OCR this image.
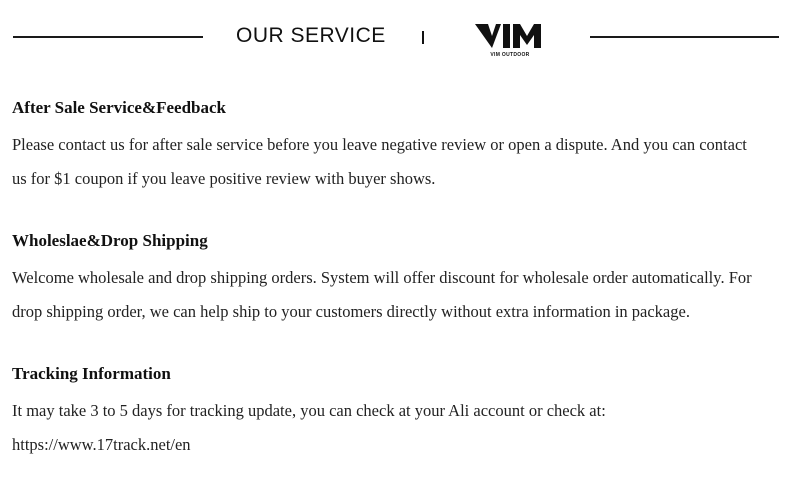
OUR SERVICE
VIM OUTDOOR
After Sale Service&Feedback

Please contact us for after sale service before you leave negative review or open a dispute. And you can contact us for $1 coupon if you leave positive review with buyer shows.

Wholeslae&Drop Shipping

Welcome wholesale and drop shipping orders. System will offer discount for wholesale order automatically. For drop shipping order, we can help ship to your customers directly without extra information in package.

Tracking Information

It may take 3 to 5 days for tracking update, you can check at your Ali account or check at: https://www.17track.net/en
